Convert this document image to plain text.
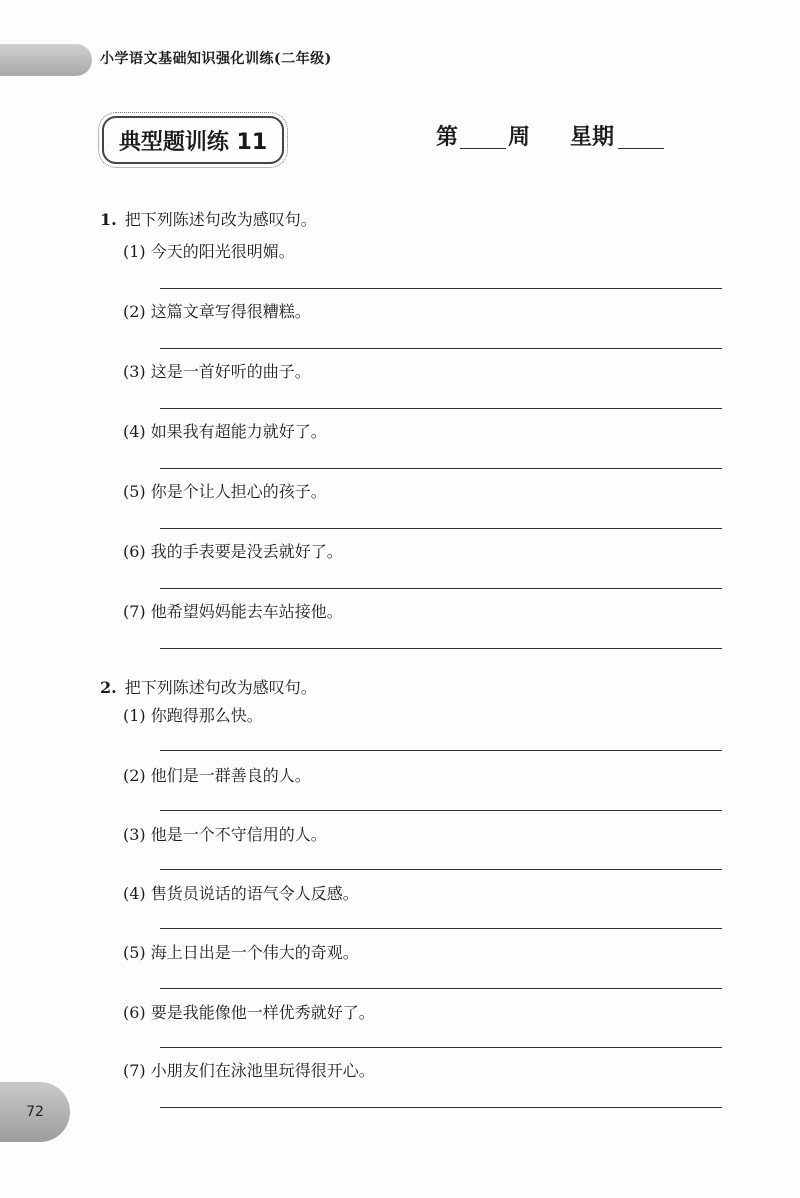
小学语文基础知识强化训练(二年级)
典型题训练 11	第 周 星期
1. 把下列陈述句改为感叹句。
(1) 今天的阳光很明媚。
(2) 这篇文章写得很糟糕。
(3) 这是一首好听的曲子。
(4) 如果我有超能力就好了。
(5) 你是个让人担心的孩子。
(6) 我的手表要是没丢就好了。
(7) 他希望妈妈能去车站接他。
2. 把下列陈述句改为感叹句。
(1) 你跑得那么快。
(2) 他们是一群善良的人。
(3) 他是一个不守信用的人。
(4) 售货员说话的语气令人反感。
(5) 海上日出是一个伟大的奇观。
(6) 要是我能像他一样优秀就好了。
(7) 小朋友们在泳池里玩得很开心。
72
